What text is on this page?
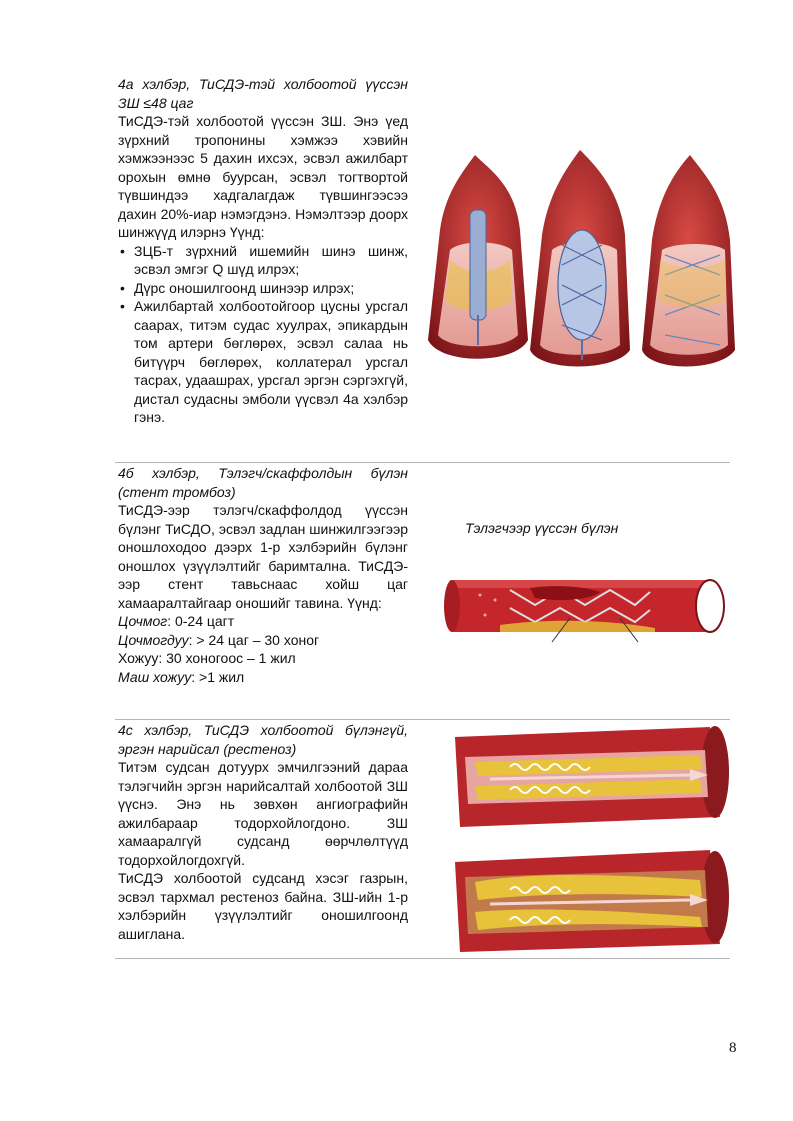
4а хэлбэр, ТиСДЭ-тэй холбоотой үүссэн ЗШ ≤48 цаг

ТиСДЭ-тэй холбоотой үүссэн ЗШ. Энэ үед зүрхний тропонины хэмжээ хэвийн хэмжээнээс 5 дахин ихсэх, эсвэл ажилбарт орохын өмнө буурсан, эсвэл тогтвортой түвшиндээ хадгалагдаж түвшингээсээ дахин 20%-иар нэмэгдэнэ. Нэмэлтээр доорх шинжүүд илэрнэ Үүнд:

• ЗЦБ-т зүрхний ишемийн шинэ шинж, эсвэл эмгэг Q шүд илрэх;
• Дүрс оношилгоонд шинээр илрэх;
• Ажилбартай холбоотойгоор цусны урсгал саарах, титэм судас хуулрах, эпикардын том артери бөглөрөх, эсвэл салаа нь битүүрч бөглөрөх, коллатерал урсгал тасрах, удаашрах, урсгал эргэн сэргэхгүй, дистал судасны эмболи үүсвэл 4а хэлбэр гэнэ.

4б хэлбэр, Тэлэгч/скаффолдын бүлэн (стент тромбоз)

ТиСДЭ-ээр тэлэгч/скаффолдод үүссэн бүлэнг ТиСДО, эсвэл задлан шинжилгээгээр оношлоходоо дээрх 1-р хэлбэрийн бүлэнг оношлох үзүүлэлтийг баримтална. ТиСДЭ-ээр стент тавьснаас хойш цаг хамааралтайгаар оношийг тавина. Үүнд:

Цочмог: 0-24 цагт

Цочмогдуу: > 24 цаг – 30 хоног

Хожуу: 30 хоногоос – 1 жил

Маш хожуу: >1 жил

Тэлэгчээр үүссэн бүлэн

4с хэлбэр, ТиСДЭ холбоотой бүлэнгүй, эргэн нарийсал (рестеноз)

Титэм судсан дотуурх эмчилгээний дараа тэлэгчийн эргэн нарийсалтай холбоотой ЗШ үүснэ. Энэ нь зөвхөн ангиографийн ажилбараар тодорхойлогдоно. ЗШ хамааралгүй судсанд өөрчлөлтүүд тодорхойлогдохгүй.

ТиСДЭ холбоотой судсанд хэсэг газрын, эсвэл тархмал рестеноз байна. ЗШ-ийн 1-р хэлбэрийн үзүүлэлтийг оношилгоонд ашиглана.

8
